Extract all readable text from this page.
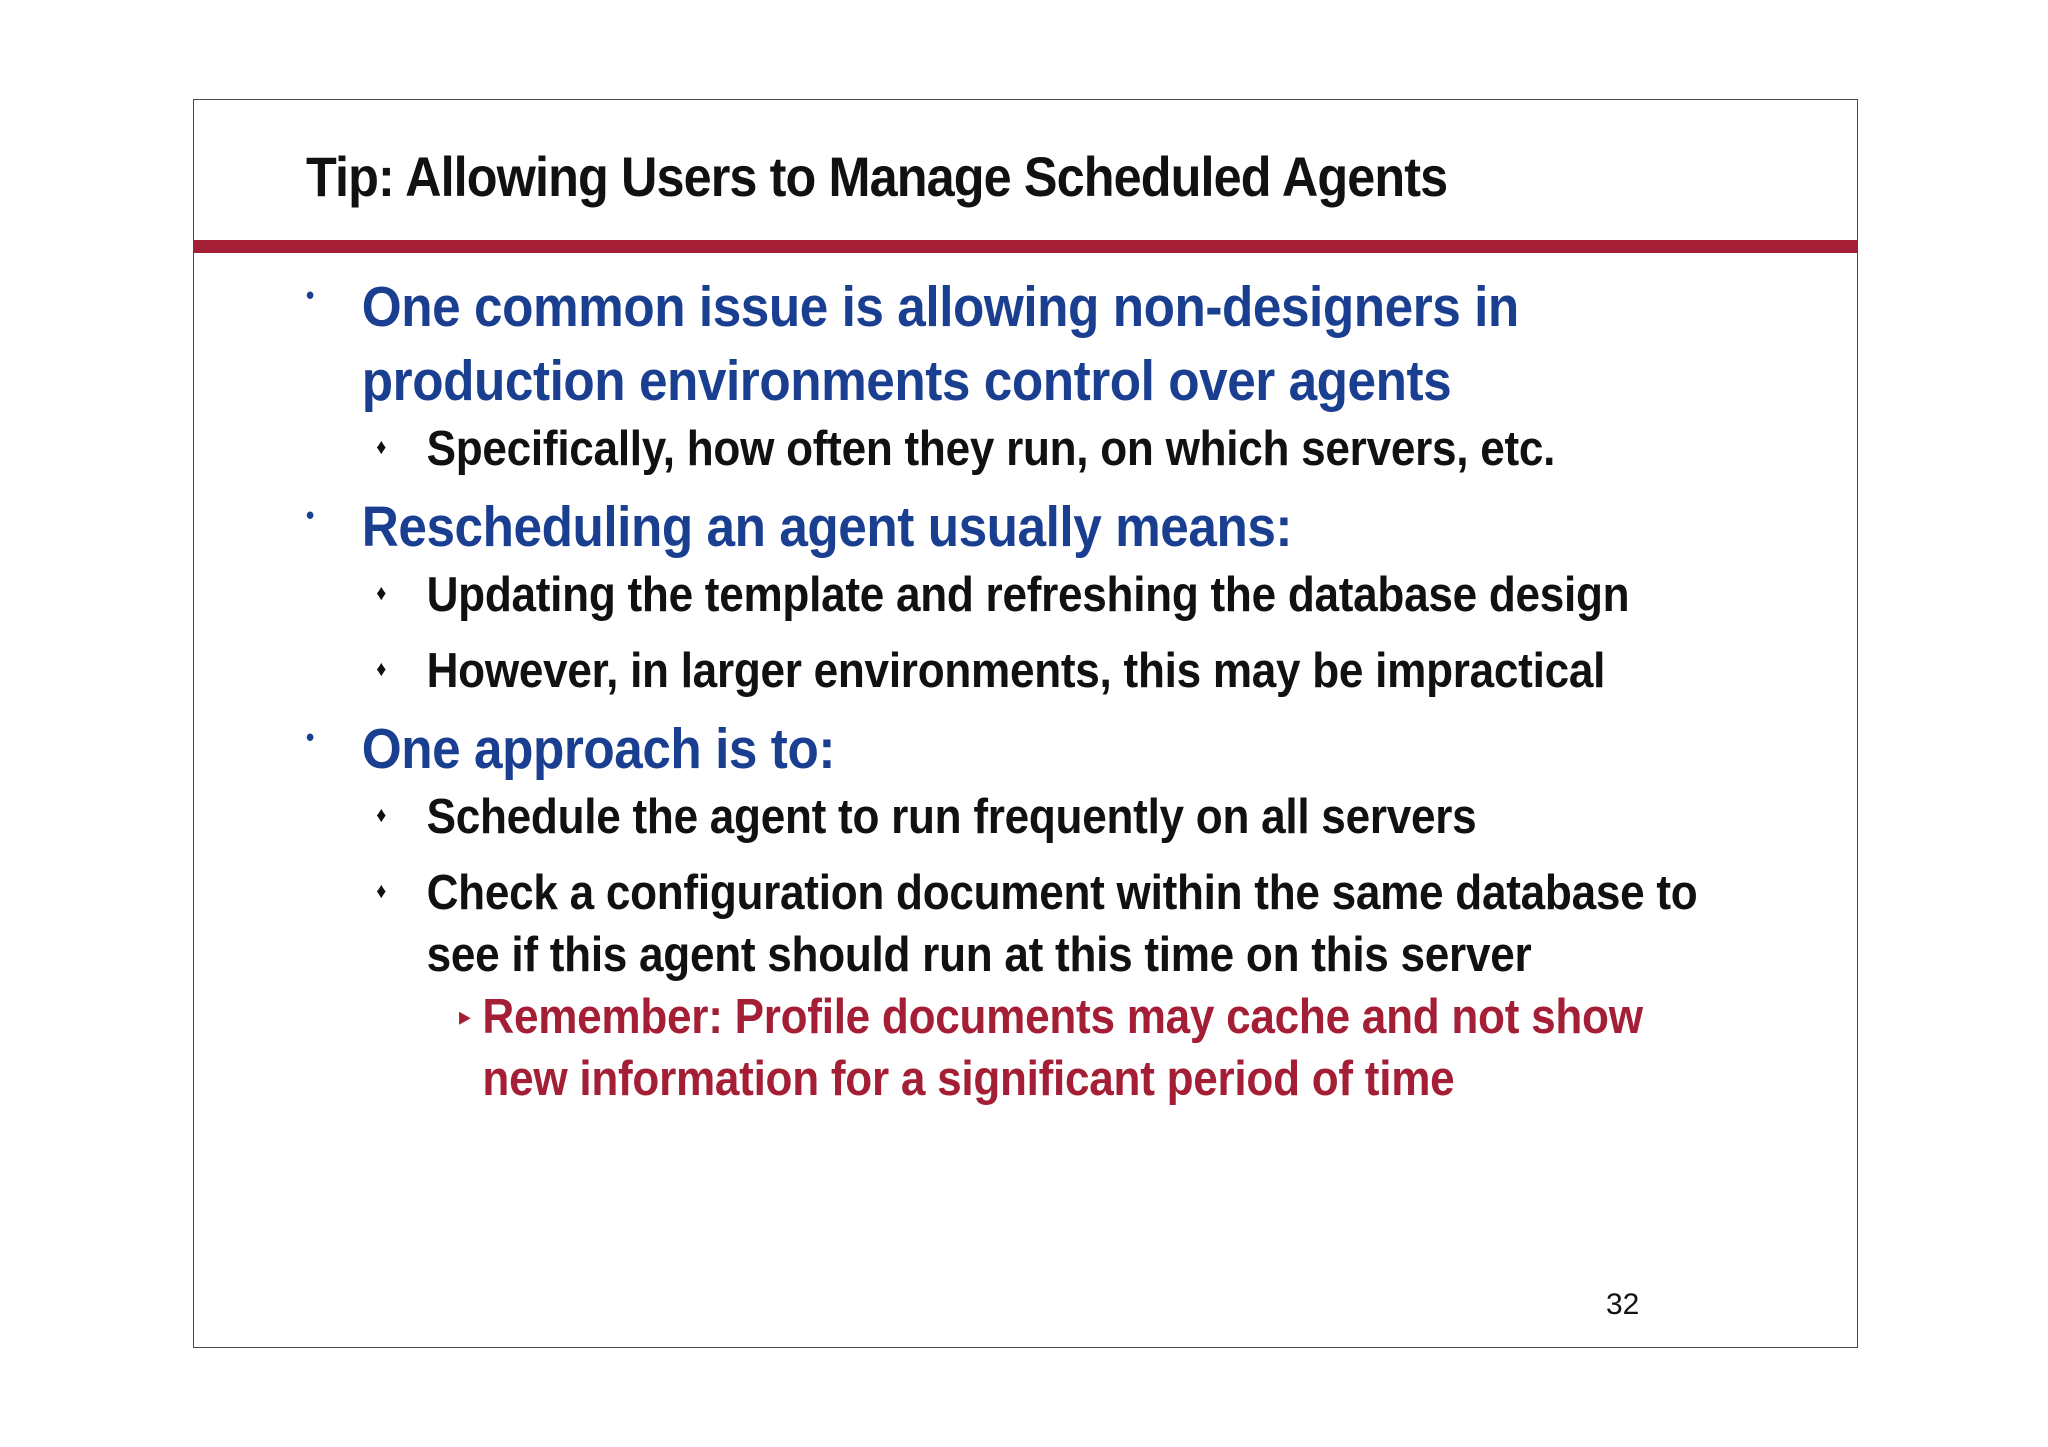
Tip: Allowing Users to Manage Scheduled Agents
• One common issue is allowing non-designers in
production environments control over agents
♦ Specifically, how often they run, on which servers, etc.
• Rescheduling an agent usually means:
♦ Updating the template and refreshing the database design
♦ However, in larger environments, this may be impractical
• One approach is to:
♦ Schedule the agent to run frequently on all servers
♦ Check a configuration document within the same database to
see if this agent should run at this time on this server
▸ Remember: Profile documents may cache and not show
new information for a significant period of time
32
